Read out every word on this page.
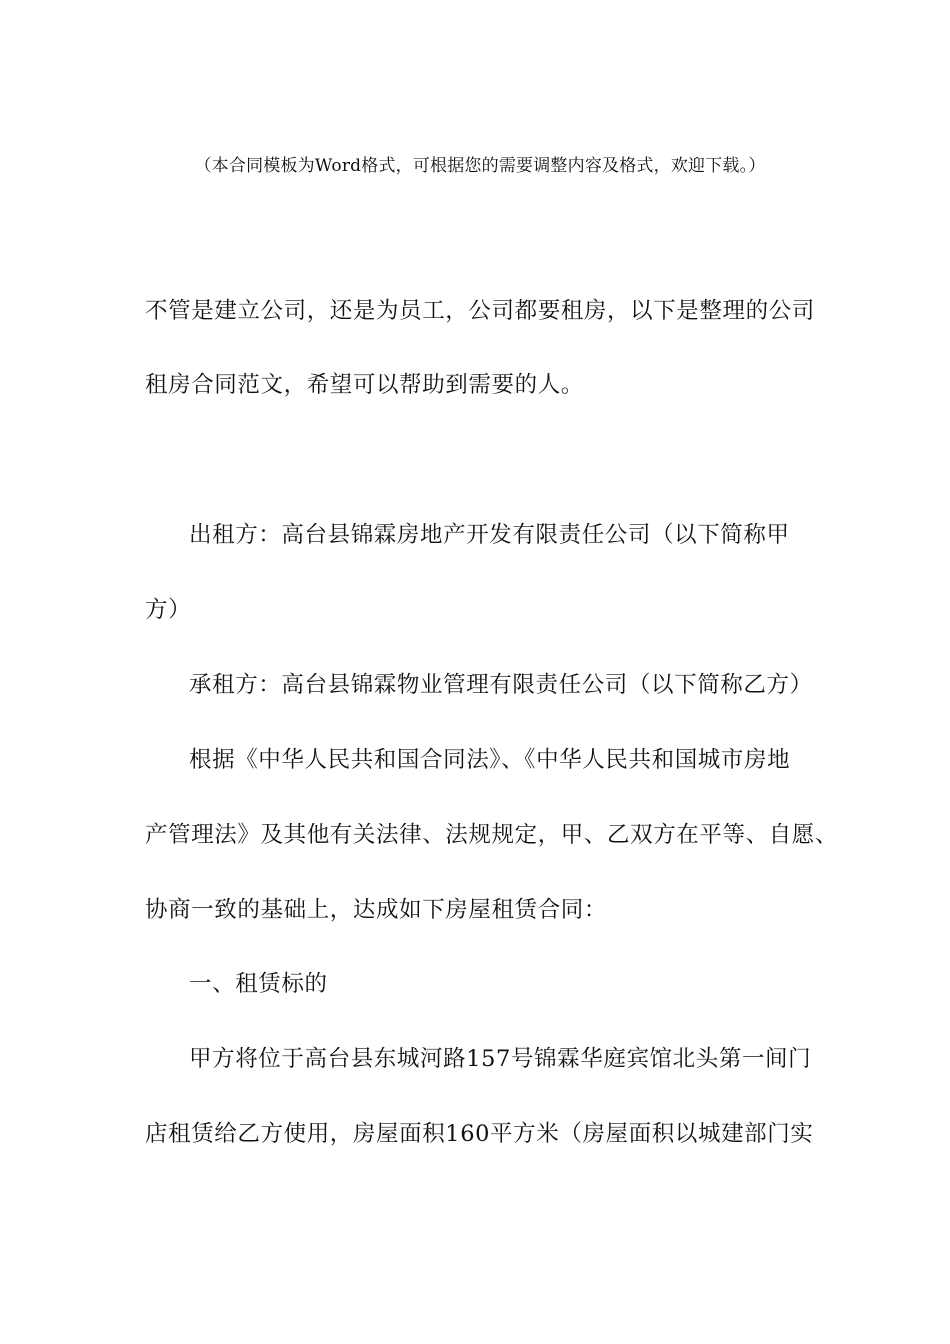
（本合同模板为Word格式，可根据您的需要调整内容及格式，欢迎下载。）
不管是建立公司，还是为员工，公司都要租房，以下是整理的公司
租房合同范文，希望可以帮助到需要的人。
出租方：高台县锦霖房地产开发有限责任公司（以下简称甲
方）
承租方：高台县锦霖物业管理有限责任公司（以下简称乙方）
根据《中华人民共和国合同法》、《中华人民共和国城市房地
产管理法》及其他有关法律、法规规定，甲、乙双方在平等、自愿、
协商一致的基础上，达成如下房屋租赁合同：
一、租赁标的
甲方将位于高台县东城河路157号锦霖华庭宾馆北头第一间门
店租赁给乙方使用，房屋面积160平方米（房屋面积以城建部门实
